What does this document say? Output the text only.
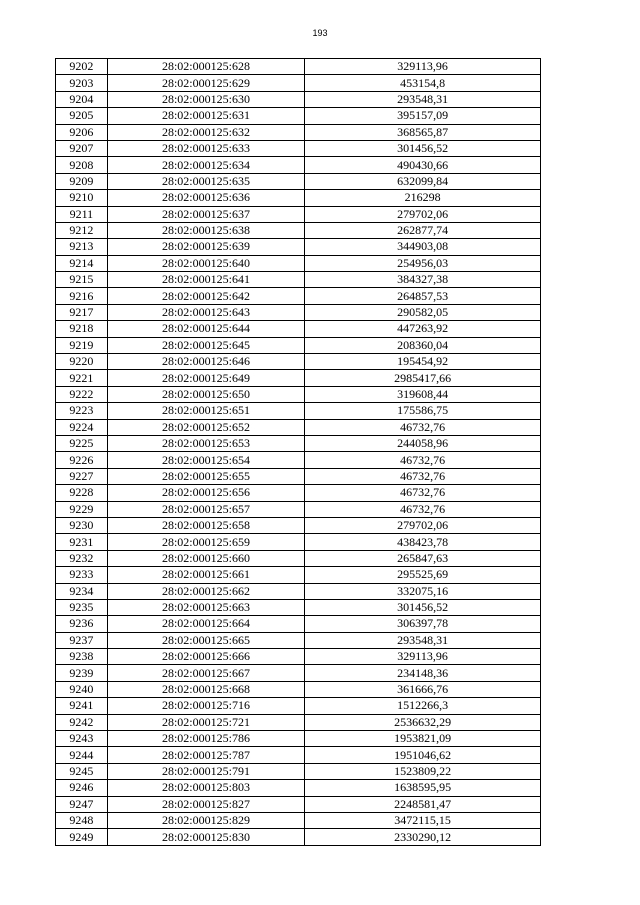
193
9202	28:02:000125:628	329113,96
9203	28:02:000125:629	453154,8
9204	28:02:000125:630	293548,31
9205	28:02:000125:631	395157,09
9206	28:02:000125:632	368565,87
9207	28:02:000125:633	301456,52
9208	28:02:000125:634	490430,66
9209	28:02:000125:635	632099,84
9210	28:02:000125:636	216298
9211	28:02:000125:637	279702,06
9212	28:02:000125:638	262877,74
9213	28:02:000125:639	344903,08
9214	28:02:000125:640	254956,03
9215	28:02:000125:641	384327,38
9216	28:02:000125:642	264857,53
9217	28:02:000125:643	290582,05
9218	28:02:000125:644	447263,92
9219	28:02:000125:645	208360,04
9220	28:02:000125:646	195454,92
9221	28:02:000125:649	2985417,66
9222	28:02:000125:650	319608,44
9223	28:02:000125:651	175586,75
9224	28:02:000125:652	46732,76
9225	28:02:000125:653	244058,96
9226	28:02:000125:654	46732,76
9227	28:02:000125:655	46732,76
9228	28:02:000125:656	46732,76
9229	28:02:000125:657	46732,76
9230	28:02:000125:658	279702,06
9231	28:02:000125:659	438423,78
9232	28:02:000125:660	265847,63
9233	28:02:000125:661	295525,69
9234	28:02:000125:662	332075,16
9235	28:02:000125:663	301456,52
9236	28:02:000125:664	306397,78
9237	28:02:000125:665	293548,31
9238	28:02:000125:666	329113,96
9239	28:02:000125:667	234148,36
9240	28:02:000125:668	361666,76
9241	28:02:000125:716	1512266,3
9242	28:02:000125:721	2536632,29
9243	28:02:000125:786	1953821,09
9244	28:02:000125:787	1951046,62
9245	28:02:000125:791	1523809,22
9246	28:02:000125:803	1638595,95
9247	28:02:000125:827	2248581,47
9248	28:02:000125:829	3472115,15
9249	28:02:000125:830	2330290,12
